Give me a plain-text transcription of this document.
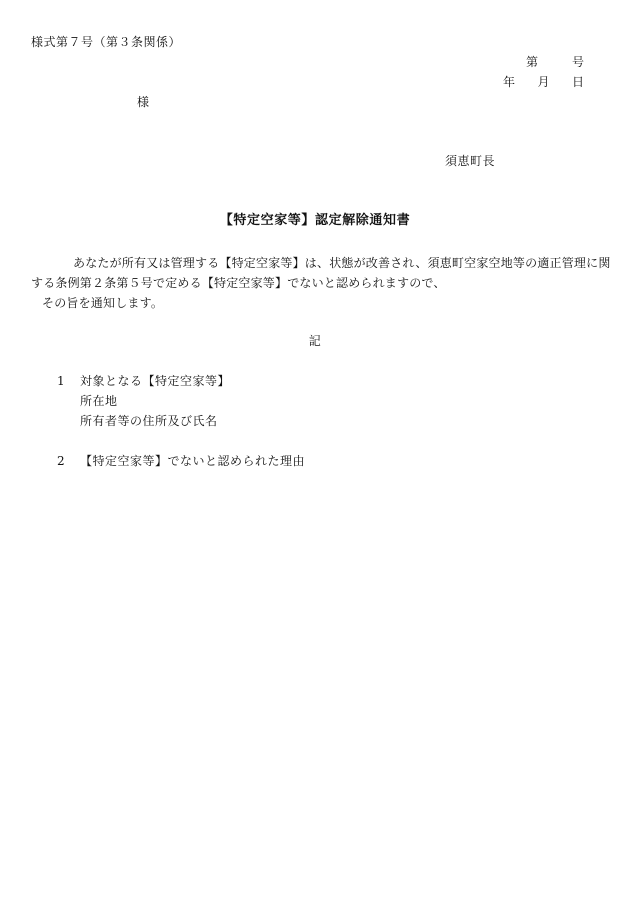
様式第７号（第３条関係）
第	号
年 月 日
様
須恵町長
【特定空家等】認定解除通知書
あなたが所有又は管理する【特定空家等】は、状態が改善され、須恵町空家空地等の適正管理に関
する条例第２条第５号で定める【特定空家等】でないと認められますので、
その旨を通知します。
記
1 対象となる【特定空家等】
所在地
所有者等の住所及び氏名
2 【特定空家等】でないと認められた理由
